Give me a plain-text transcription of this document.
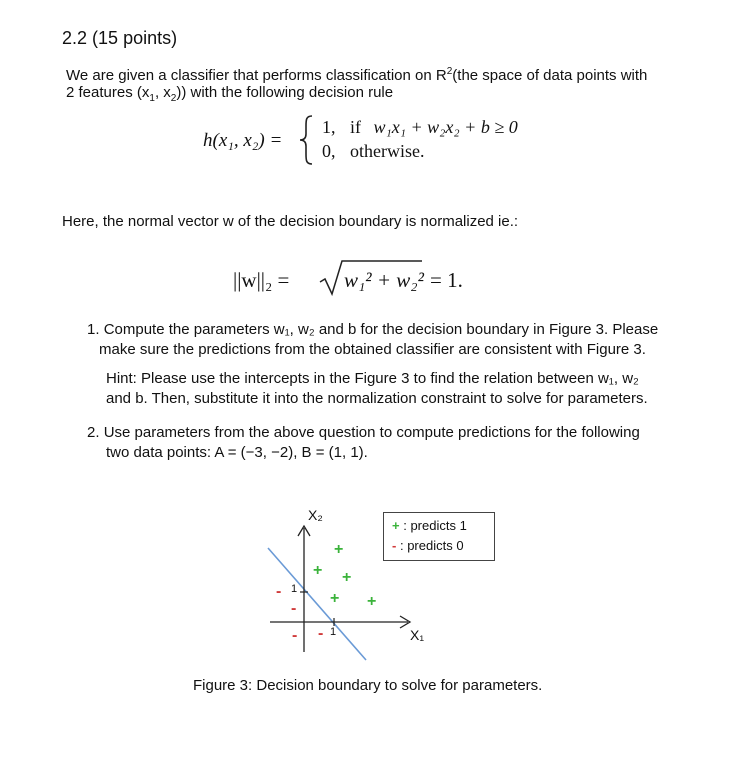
2.2 (15 points)
We are given a classifier that performs classification on $R^2(the$ space of data points with
2 features ($x_1$, $x_2$)) with the following decision rule
h(x₁, x₂) =
1, if w₁x₁ + w₂x₂ + b ≥ 0
0, otherwise.
Here, the normal vector w of the decision boundary is normalized ie.:
||w||₂ =	w₁² + w₂² = 1.
1. Compute the parameters w₁, w₂ and b for the decision boundary in Figure 3. Please
make sure the predictions from the obtained classifier are consistent with Figure 3.
Hint: Please use the intercepts in the Figure 3 to find the relation between w₁, w₂
and b. Then, substitute it into the normalization constraint to solve for parameters.
2. Use parameters from the above question to compute predictions for the following
two data points: A = (−3, −2), B = (1, 1).
X₂
X₁
1
1
+
+ +
+ +
-
-
- -
+ : predicts 1
- : predicts 0
Figure 3: Decision boundary to solve for parameters.
